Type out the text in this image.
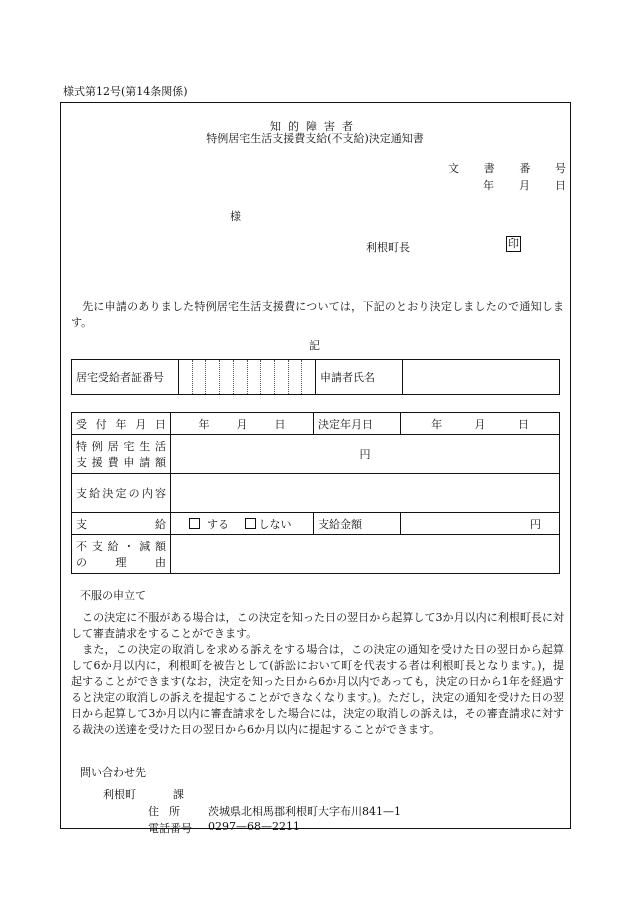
様式第12号(第14条関係)
知的障害者
特例居宅生活支援費支給(不支給)決定通知書
文 書 番 号
年 月 日
様
利根町長	印
　先に申請のありました特例居宅生活支援費については，下記のとおり決定しましたので通知します。
記
居宅受給者証番号		申請者氏名	
受付年月日	年 月 日	決定年月日	年 月 日

特例居宅生活
支援費申請額	円		

支給決定の内容			

支 給	する しない	支給金額	円

不支給・減額
の 理 由			

不服の申立て
　この決定に不服がある場合は，この決定を知った日の翌日から起算して3か月以内に利根町長に対して審査請求をすることができます。
　また，この決定の取消しを求める訴えをする場合は，この決定の通知を受けた日の翌日から起算して6か月以内に，利根町を被告として(訴訟において町を代表する者は利根町長となります。)，提起することができます(なお，決定を知った日から6か月以内であっても，決定の日から1年を経過すると決定の取消しの訴えを提起することができなくなります。)。ただし，決定の通知を受けた日の翌日から起算して3か月以内に審査請求をした場合には，決定の取消しの訴えは，その審査請求に対する裁決の送達を受けた日の翌日から6か月以内に提起することができます。
問い合わせ先
利根町	課
住所 茨城県北相馬郡利根町大字布川841—1
電話番号 0297—68—2211
